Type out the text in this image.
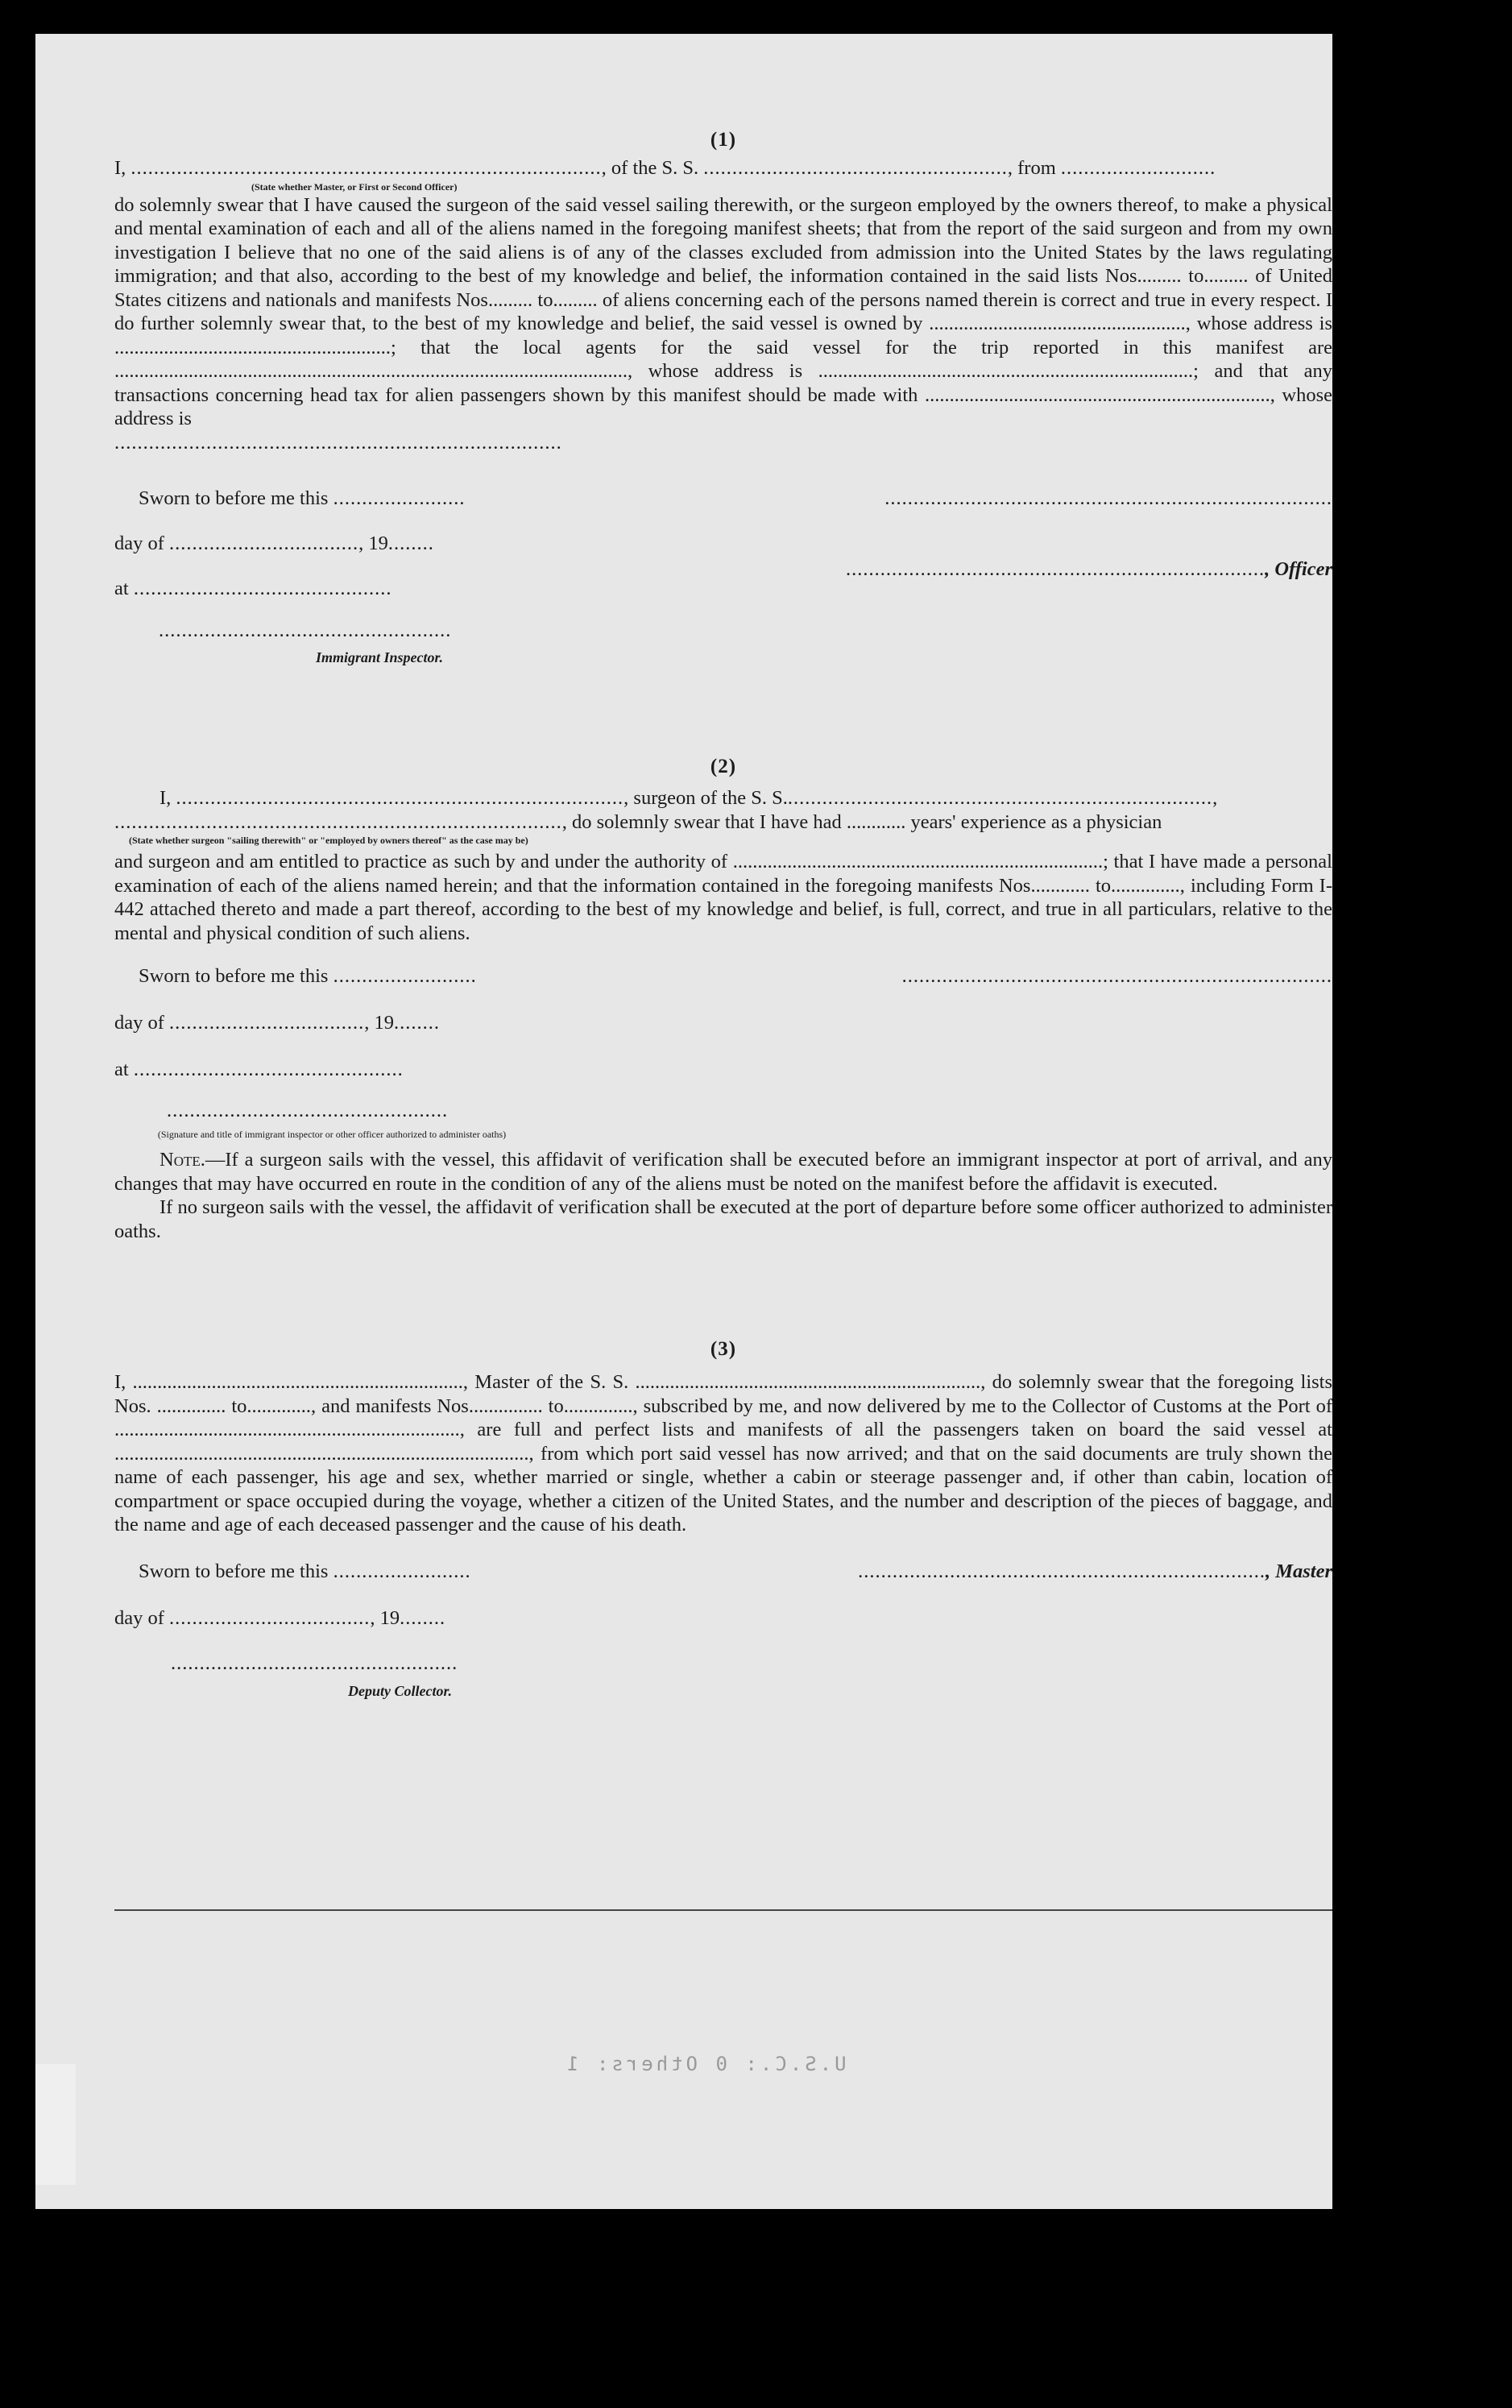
(1)

I, .................................................................................., of the S. S. ....................................................., from ...........................

(State whether Master, or First or Second Officer)

do solemnly swear that I have caused the surgeon of the said vessel sailing therewith, or the surgeon employed by the owners thereof, to make a physical and mental examination of each and all of the aliens named in the foregoing manifest sheets; that from the report of the said surgeon and from my own investigation I believe that no one of the said aliens is of any of the classes excluded from admission into the United States by the laws regulating immigration; and that also, according to the best of my knowledge and belief, the information contained in the said lists Nos......... to......... of United States citizens and nationals and manifests Nos......... to......... of aliens concerning each of the persons named therein is correct and true in every respect. I do further solemnly swear that, to the best of my knowledge and belief, the said vessel is owned by ...................................................., whose address is ........................................................; that the local agents for the said vessel for the trip reported in this manifest are ........................................................................................................, whose address is ............................................................................; and that any transactions concerning head tax for alien passengers shown by this manifest should be made with ......................................................................, whose address is

..............................................................................

Sworn to before me this .......................
day of ................................., 19........
at .............................................
...................................................
Immigrant Inspector.
..............................................................................
........................................................................., Officer
(2)

I, .............................................................................., surgeon of the S. S...........................................................................,

.............................................................................., do solemnly swear that I have had ............ years' experience as a physician

(State whether surgeon "sailing therewith" or "employed by owners thereof" as the case may be)

and surgeon and am entitled to practice as such by and under the authority of ...........................................................................; that I have made a personal examination of each of the aliens named herein; and that the information contained in the foregoing manifests Nos............ to.............., including Form I-442 attached thereto and made a part thereof, according to the best of my knowledge and belief, is full, correct, and true in all particulars, relative to the mental and physical condition of such aliens.

Sworn to before me this .........................
day of .................................., 19........
at ...............................................
.................................................
(Signature and title of immigrant inspector or other officer authorized to administer oaths)
...........................................................................

Note.—If a surgeon sails with the vessel, this affidavit of verification shall be executed before an immigrant inspector at port of arrival, and any changes that may have occurred en route in the condition of any of the aliens must be noted on the manifest before the affidavit is executed.

If no surgeon sails with the vessel, the affidavit of verification shall be executed at the port of departure before some officer authorized to administer oaths.

(3)

I, ..................................................................., Master of the S. S. ......................................................................, do solemnly swear that the foregoing lists Nos. .............. to............., and manifests Nos............... to.............., subscribed by me, and now delivered by me to the Collector of Customs at the Port of ......................................................................, are full and perfect lists and manifests of all the passengers taken on board the said vessel at ...................................................................................., from which port said vessel has now arrived; and that on the said documents are truly shown the name of each passenger, his age and sex, whether married or single, whether a cabin or steerage passenger and, if other than cabin, location of compartment or space occupied during the voyage, whether a citizen of the United States, and the number and description of the pieces of baggage, and the name and age of each deceased passenger and the cause of his death.

Sworn to before me this ........................
day of ..................................., 19........
..................................................
Deputy Collector.
......................................................................., Master
U.S.C.: 0 Others: 1
